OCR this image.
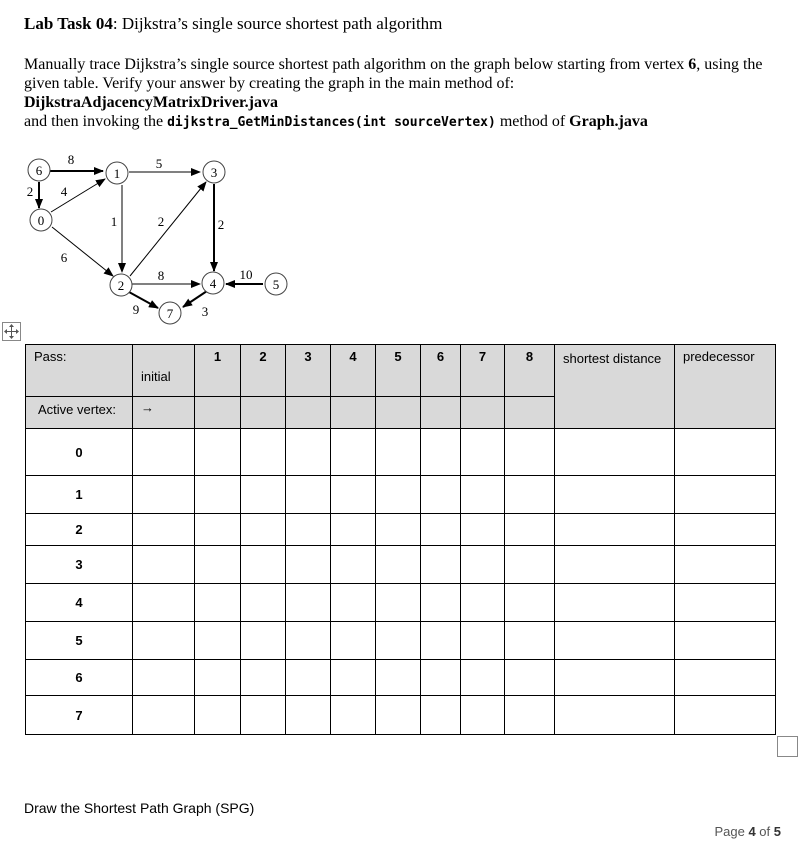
Lab Task 04: Dijkstra’s single source shortest path algorithm
Manually trace Dijkstra’s single source shortest path algorithm on the graph below starting from vertex 6, using the given table. Verify your answer by creating the graph in the main method of:
DijkstraAdjacencyMatrixDriver.java
and then invoking the dijkstra_GetMinDistances(int sourceVertex) method of Graph.java
6	1	3
0
2	4	5
7
8	5
2 4
1	2	2
6
8	10
9	3
Pass:	initial	1	2	3	4	5	6	7	8	shortest distance	predecessor
Active vertex:	→										
0											
1											
2											
3											
4											
5											
6											
7											
Draw the Shortest Path Graph (SPG)
Page 4 of 5
